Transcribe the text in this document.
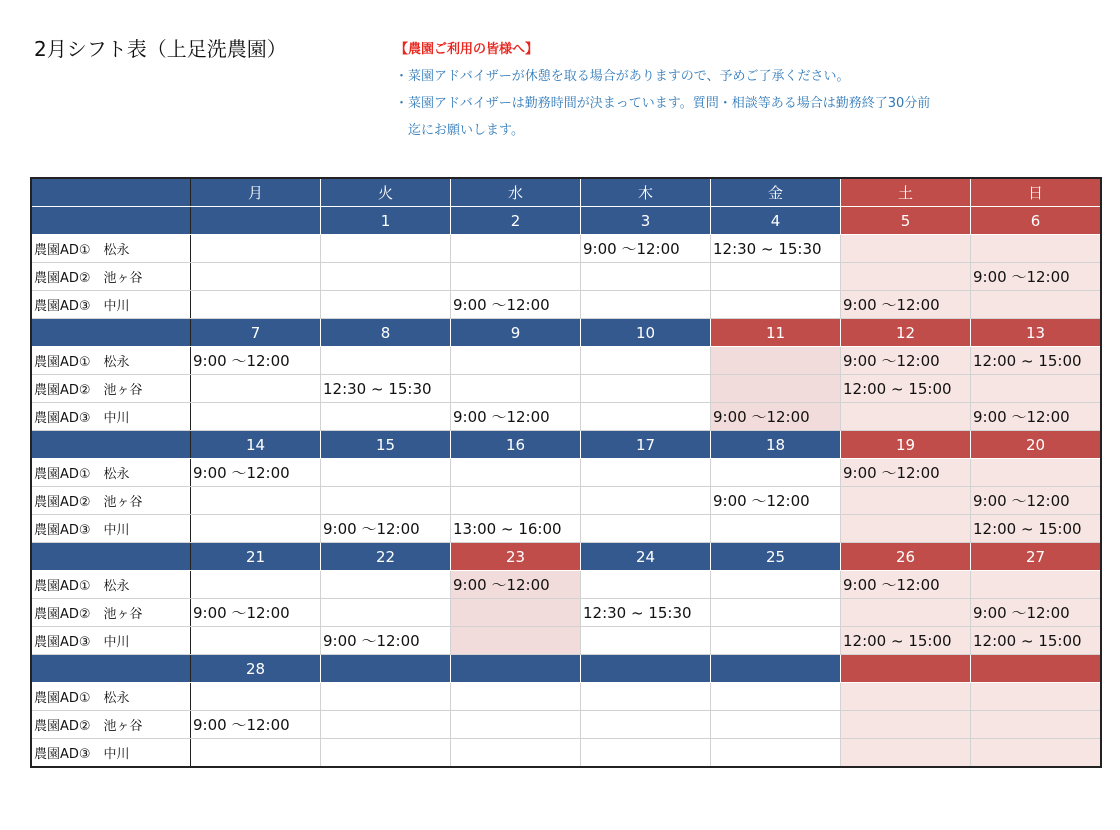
2月シフト表（上足洗農園）	【農園ご利用の皆様へ】
・菜園アドバイザーが休憩を取る場合がありますので、予めご了承ください。
・菜園アドバイザーは勤務時間が決まっています。質問・相談等ある場合は勤務終了30分前
迄にお願いします。
	月	火	水	木	金	土	日
		1	2	3	4	5	6
農園AD①　松永				9:00 ～12:00	12:30 ~ 15:30		
農園AD②　池ヶ谷							9:00 ～12:00
農園AD③　中川			9:00 ～12:00			9:00 ～12:00	
	7	8	9	10	11	12	13
農園AD①　松永	9:00 ～12:00					9:00 ～12:00	12:00 ~ 15:00
農園AD②　池ヶ谷		12:30 ~ 15:30				12:00 ~ 15:00	
農園AD③　中川			9:00 ～12:00		9:00 ～12:00		9:00 ～12:00
	14	15	16	17	18	19	20
農園AD①　松永	9:00 ～12:00					9:00 ～12:00	
農園AD②　池ヶ谷					9:00 ～12:00		9:00 ～12:00
農園AD③　中川		9:00 ～12:00	13:00 ~ 16:00				12:00 ~ 15:00
	21	22	23	24	25	26	27
農園AD①　松永			9:00 ～12:00			9:00 ～12:00	
農園AD②　池ヶ谷	9:00 ～12:00			12:30 ~ 15:30			9:00 ～12:00
農園AD③　中川		9:00 ～12:00				12:00 ~ 15:00	12:00 ~ 15:00
	28						
農園AD①　松永							
農園AD②　池ヶ谷	9:00 ～12:00						
農園AD③　中川							
